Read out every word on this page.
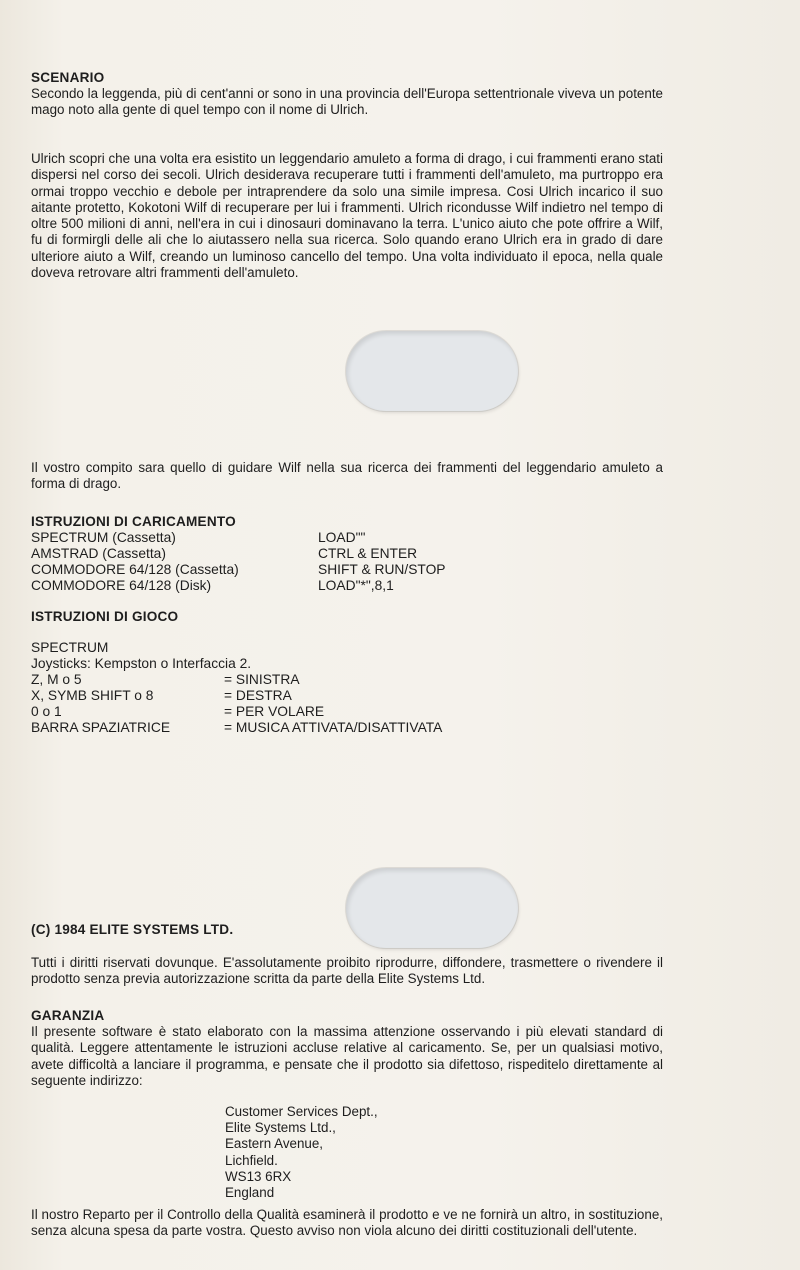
SCENARIO

Secondo la leggenda, più di cent'anni or sono in una provincia dell'Europa settentrionale viveva un potente mago noto alla gente di quel tempo con il nome di Ulrich.

Ulrich scopri che una volta era esistito un leggendario amuleto a forma di drago, i cui frammenti erano stati dispersi nel corso dei secoli. Ulrich desiderava recuperare tutti i frammenti dell'amuleto, ma purtroppo era ormai troppo vecchio e debole per intraprendere da solo una simile impresa. Cosi Ulrich incarico il suo aitante protetto, Kokotoni Wilf di recuperare per lui i frammenti. Ulrich ricondusse Wilf indietro nel tempo di oltre 500 milioni di anni, nell'era in cui i dinosauri dominavano la terra. L'unico aiuto che pote offrire a Wilf, fu di formirgli delle ali che lo aiutassero nella sua ricerca. Solo quando erano Ulrich era in grado di dare ulteriore aiuto a Wilf, creando un luminoso cancello del tempo. Una volta individuato il epoca, nella quale doveva retrovare altri frammenti dell'amuleto.

Il vostro compito sara quello di guidare Wilf nella sua ricerca dei frammenti del leggendario amuleto a forma di drago.

ISTRUZIONI DI CARICAMENTO
SPECTRUM (Cassetta)	LOAD""
AMSTRAD (Cassetta)	CTRL & ENTER
COMMODORE 64/128 (Cassetta)	SHIFT & RUN/STOP
COMMODORE 64/128 (Disk)	LOAD"*",8,1
ISTRUZIONI DI GIOCO
SPECTRUM
Joysticks: Kempston o Interfaccia 2.
Z, M o 5	= SINISTRA
X, SYMB SHIFT o 8	= DESTRA
0 o 1	= PER VOLARE
BARRA SPAZIATRICE	= MUSICA ATTIVATA/DISATTIVATA
(C) 1984 ELITE SYSTEMS LTD.

Tutti i diritti riservati dovunque. E'assolutamente proibito riprodurre, diffondere, trasmettere o rivendere il prodotto senza previa autorizzazione scritta da parte della Elite Systems Ltd.

GARANZIA

Il presente software è stato elaborato con la massima attenzione osservando i più elevati standard di qualità. Leggere attentamente le istruzioni accluse relative al caricamento. Se, per un qualsiasi motivo, avete difficoltà a lanciare il programma, e pensate che il prodotto sia difettoso, rispeditelo direttamente al seguente indirizzo:

Customer Services Dept.,
Elite Systems Ltd.,
Eastern Avenue,
Lichfield.
WS13 6RX
England

Il nostro Reparto per il Controllo della Qualità esaminerà il prodotto e ve ne fornirà un altro, in sostituzione, senza alcuna spesa da parte vostra. Questo avviso non viola alcuno dei diritti costituzionali dell'utente.
